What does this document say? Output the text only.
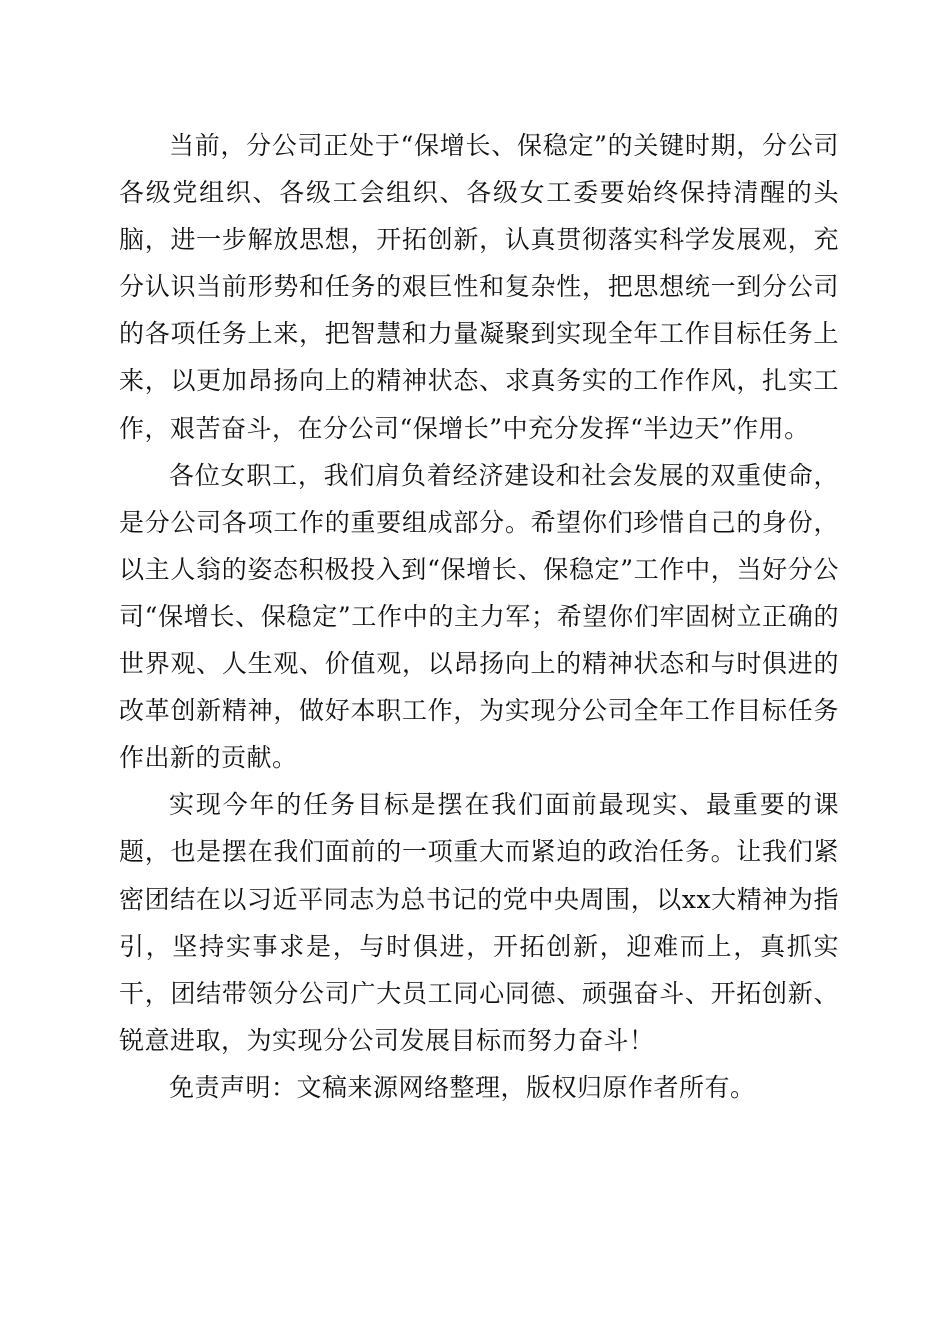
当前，分公司正处于“保增长、保稳定”的关键时期，分公司各级党组织、各级工会组织、各级女工委要始终保持清醒的头脑，进一步解放思想，开拓创新，认真贯彻落实科学发展观，充分认识当前形势和任务的艰巨性和复杂性，把思想统一到分公司的各项任务上来，把智慧和力量凝聚到实现全年工作目标任务上来，以更加昂扬向上的精神状态、求真务实的工作作风，扎实工作，艰苦奋斗，在分公司“保增长”中充分发挥“半边天”作用。

各位女职工，我们肩负着经济建设和社会发展的双重使命，是分公司各项工作的重要组成部分。希望你们珍惜自己的身份，以主人翁的姿态积极投入到“保增长、保稳定”工作中，当好分公司“保增长、保稳定”工作中的主力军；希望你们牢固树立正确的世界观、人生观、价值观，以昂扬向上的精神状态和与时俱进的改革创新精神，做好本职工作，为实现分公司全年工作目标任务作出新的贡献。

实现今年的任务目标是摆在我们面前最现实、最重要的课题，也是摆在我们面前的一项重大而紧迫的政治任务。让我们紧密团结在以习近平同志为总书记的党中央周围，以xx大精神为指引，坚持实事求是，与时俱进，开拓创新，迎难而上，真抓实干，团结带领分公司广大员工同心同德、顽强奋斗、开拓创新、锐意进取，为实现分公司发展目标而努力奋斗！

免责声明：文稿来源网络整理，版权归原作者所有。
